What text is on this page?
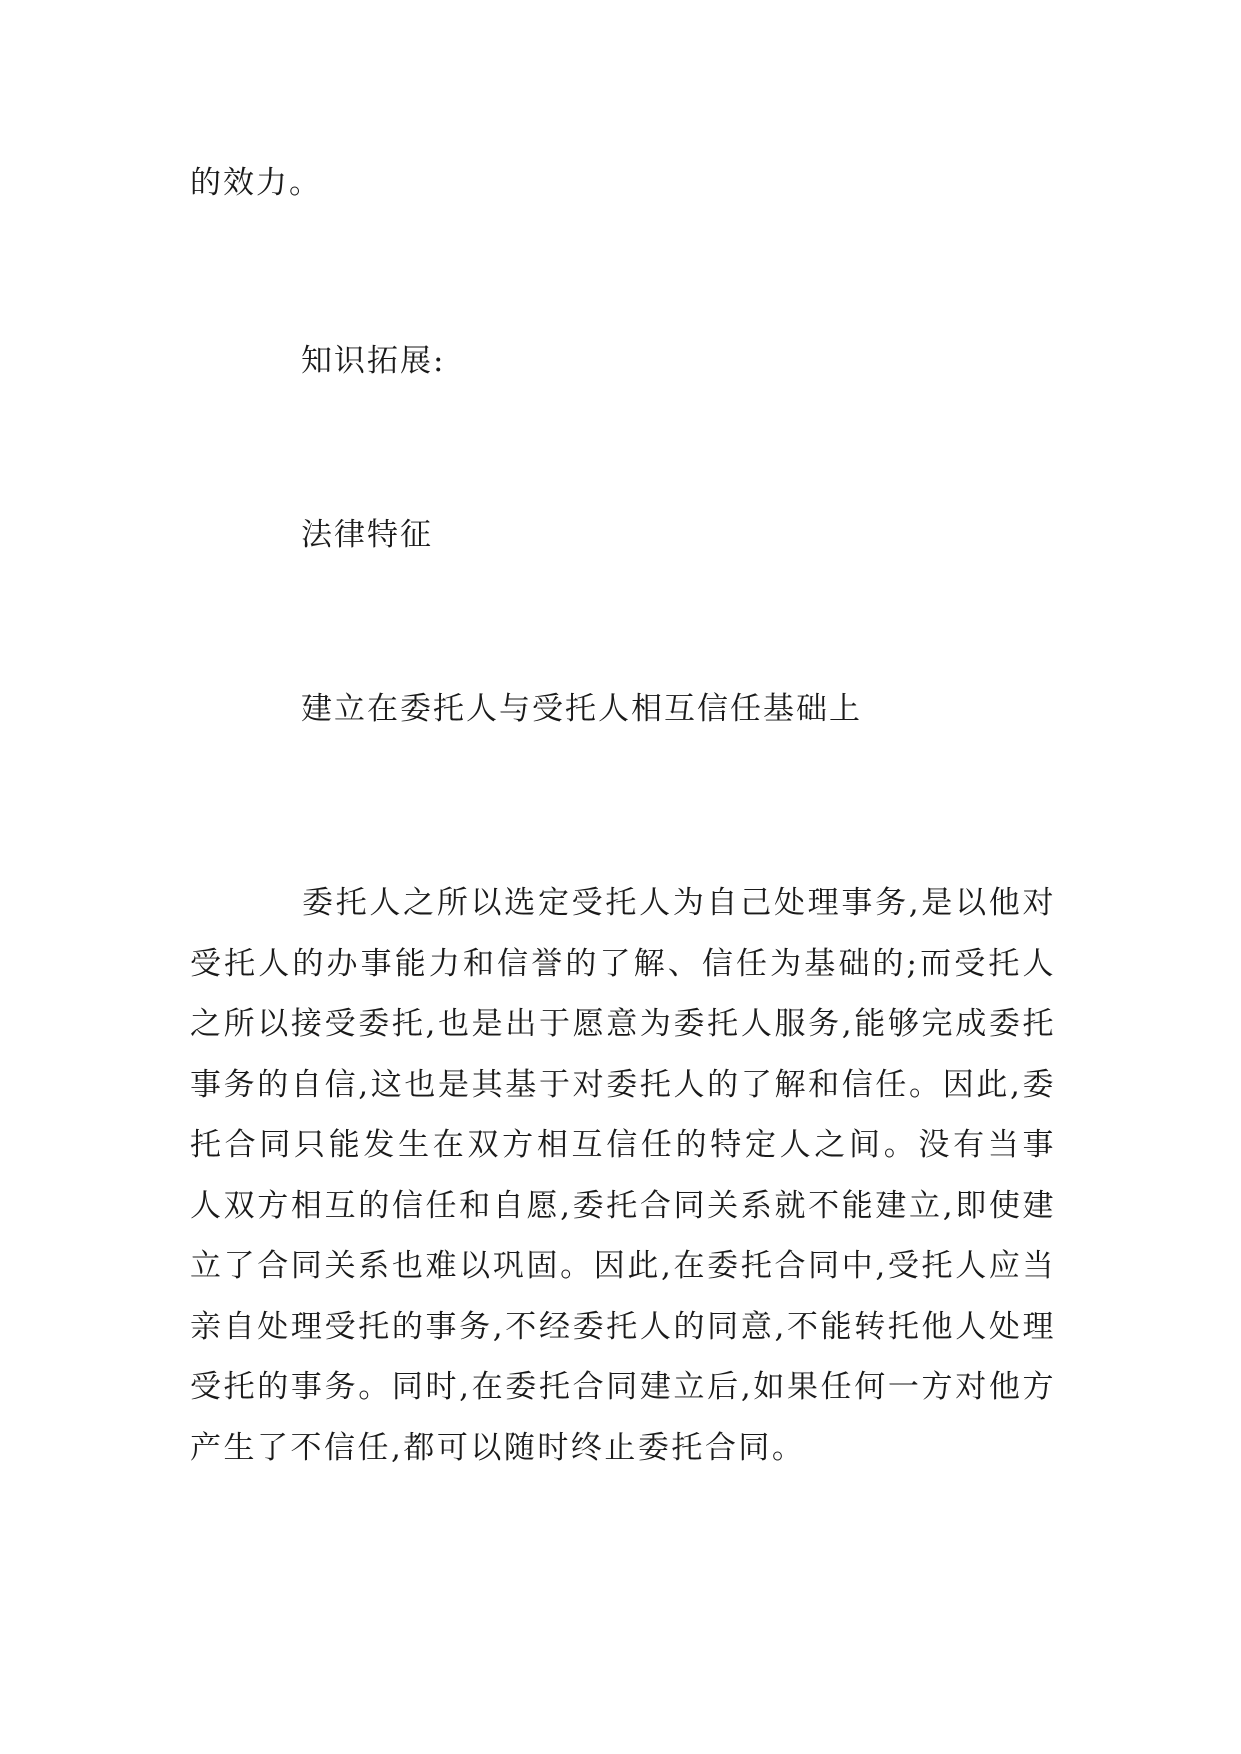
的效力。
知识拓展:
法律特征
建立在委托人与受托人相互信任基础上

委托人之所以选定受托人为自己处理事务,是以他对受托人的办事能力和信誉的了解、信任为基础的;而受托人之所以接受委托,也是出于愿意为委托人服务,能够完成委托事务的自信,这也是其基于对委托人的了解和信任。因此,委托合同只能发生在双方相互信任的特定人之间。没有当事人双方相互的信任和自愿,委托合同关系就不能建立,即使建立了合同关系也难以巩固。因此,在委托合同中,受托人应当亲自处理受托的事务,不经委托人的同意,不能转托他人处理受托的事务。同时,在委托合同建立后,如果任何一方对他方产生了不信任,都可以随时终止委托合同。
